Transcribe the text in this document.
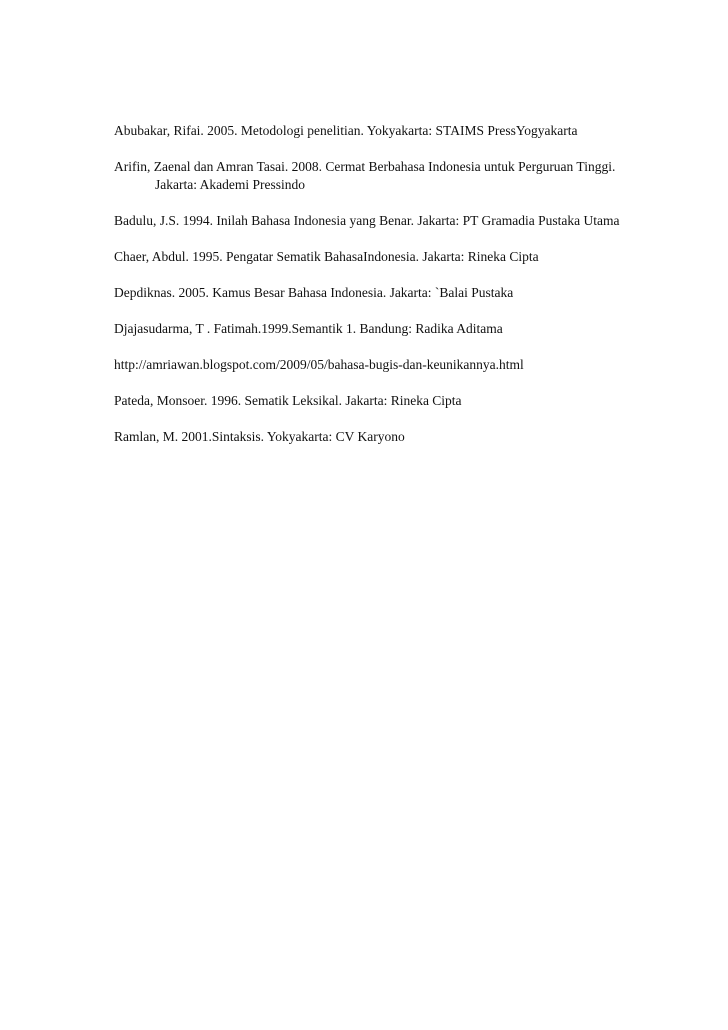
Abubakar, Rifai. 2005. Metodologi penelitian. Yokyakarta: STAIMS PressYogyakarta
Arifin, Zaenal dan Amran Tasai. 2008. Cermat Berbahasa Indonesia untuk Perguruan Tinggi. Jakarta: Akademi Pressindo
Badulu, J.S. 1994. Inilah Bahasa Indonesia yang Benar. Jakarta: PT Gramadia Pustaka Utama
Chaer, Abdul. 1995. Pengatar Sematik BahasaIndonesia. Jakarta: Rineka Cipta
Depdiknas. 2005. Kamus Besar Bahasa Indonesia. Jakarta: `Balai Pustaka
Djajasudarma, T . Fatimah.1999.Semantik 1. Bandung: Radika Aditama
http://amriawan.blogspot.com/2009/05/bahasa-bugis-dan-keunikannya.html
Pateda, Monsoer. 1996. Sematik Leksikal. Jakarta: Rineka Cipta
Ramlan, M. 2001.Sintaksis. Yokyakarta: CV Karyono
